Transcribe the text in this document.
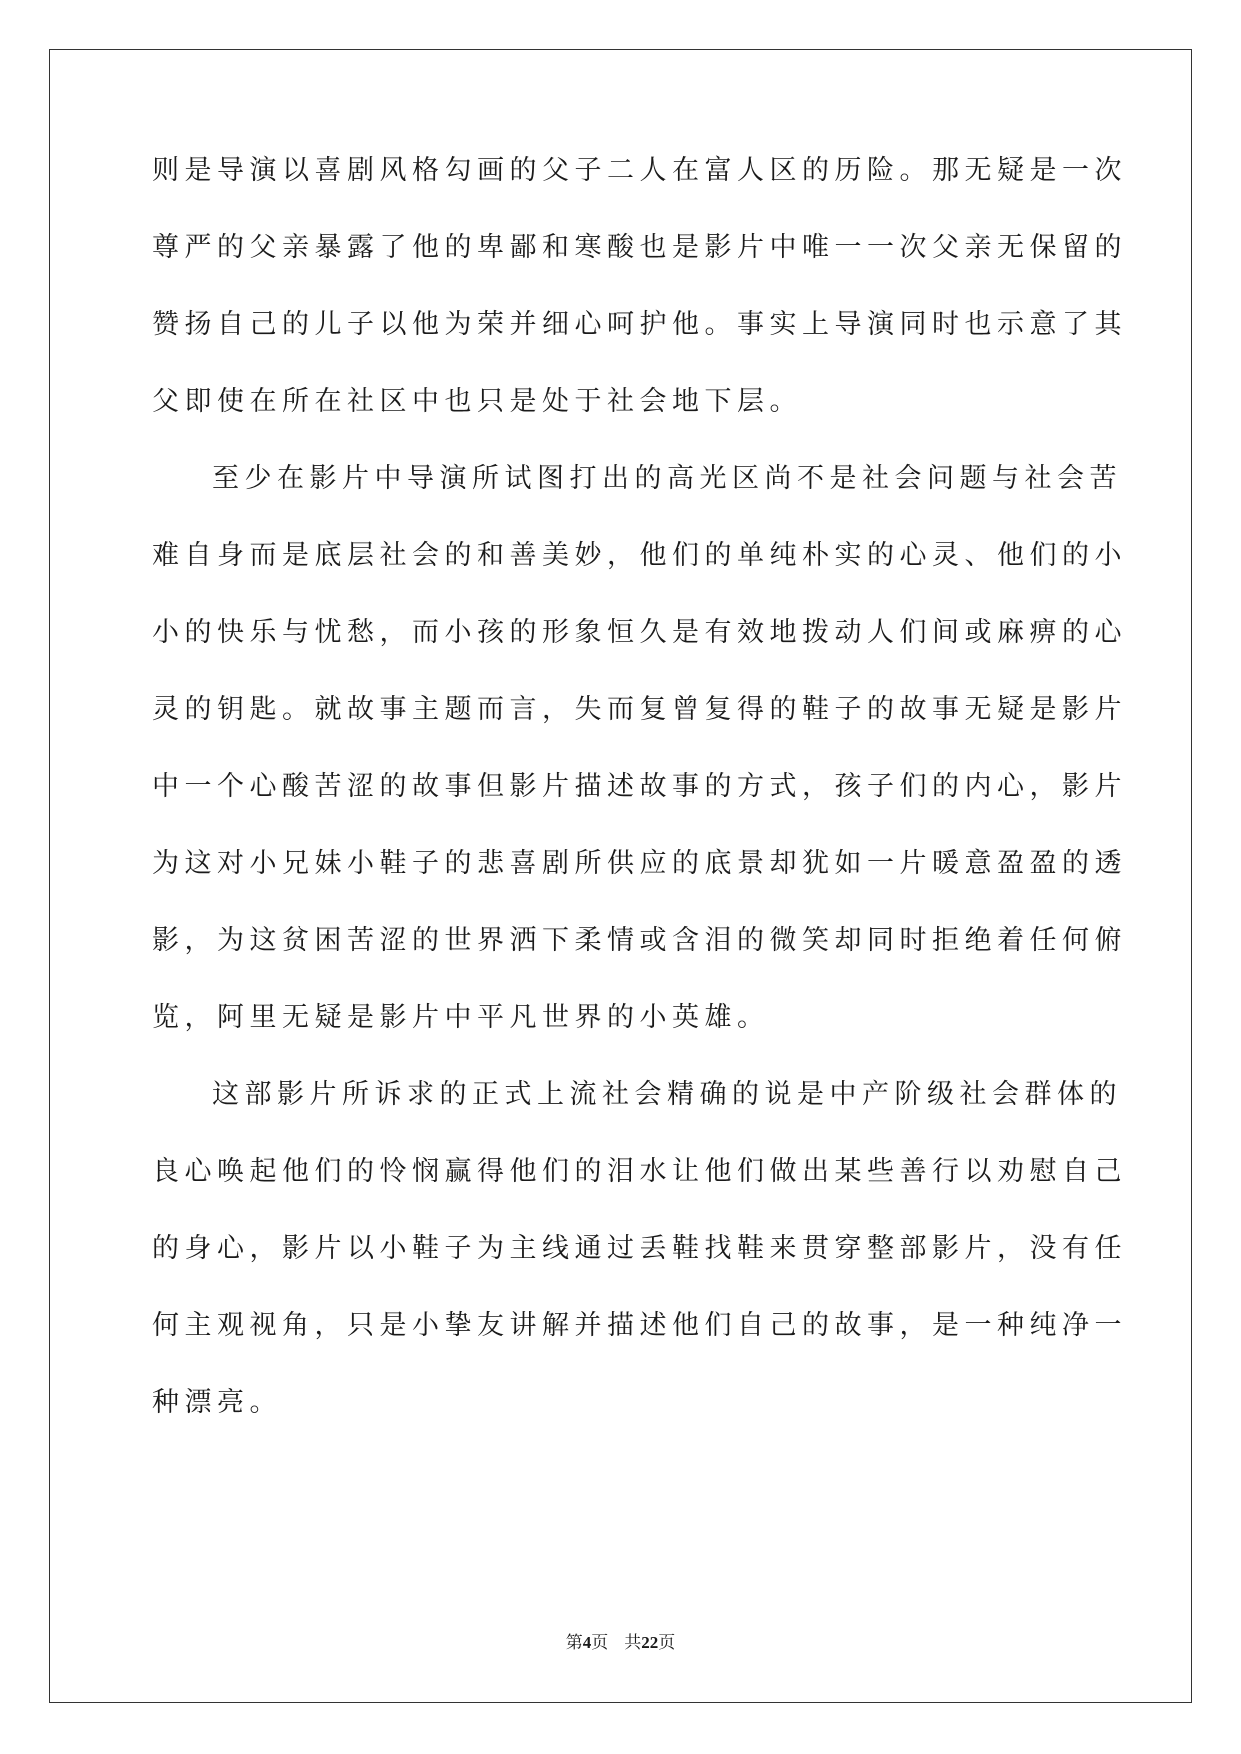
则是导演以喜剧风格勾画的父子二人在富人区的历险。那无疑是一次
尊严的父亲暴露了他的卑鄙和寒酸也是影片中唯一一次父亲无保留的
赞扬自己的儿子以他为荣并细心呵护他。事实上导演同时也示意了其
父即使在所在社区中也只是处于社会地下层。
至少在影片中导演所试图打出的高光区尚不是社会问题与社会苦
难自身而是底层社会的和善美妙，他们的单纯朴实的心灵、他们的小
小的快乐与忧愁，而小孩的形象恒久是有效地拨动人们间或麻痹的心
灵的钥匙。就故事主题而言，失而复曾复得的鞋子的故事无疑是影片
中一个心酸苦涩的故事但影片描述故事的方式，孩子们的内心，影片
为这对小兄妹小鞋子的悲喜剧所供应的底景却犹如一片暖意盈盈的透
影，为这贫困苦涩的世界洒下柔情或含泪的微笑却同时拒绝着任何俯
览，阿里无疑是影片中平凡世界的小英雄。
这部影片所诉求的正式上流社会精确的说是中产阶级社会群体的
良心唤起他们的怜悯赢得他们的泪水让他们做出某些善行以劝慰自己
的身心，影片以小鞋子为主线通过丢鞋找鞋来贯穿整部影片，没有任
何主观视角，只是小挚友讲解并描述他们自己的故事，是一种纯净一
种漂亮。
第4页 共22页
